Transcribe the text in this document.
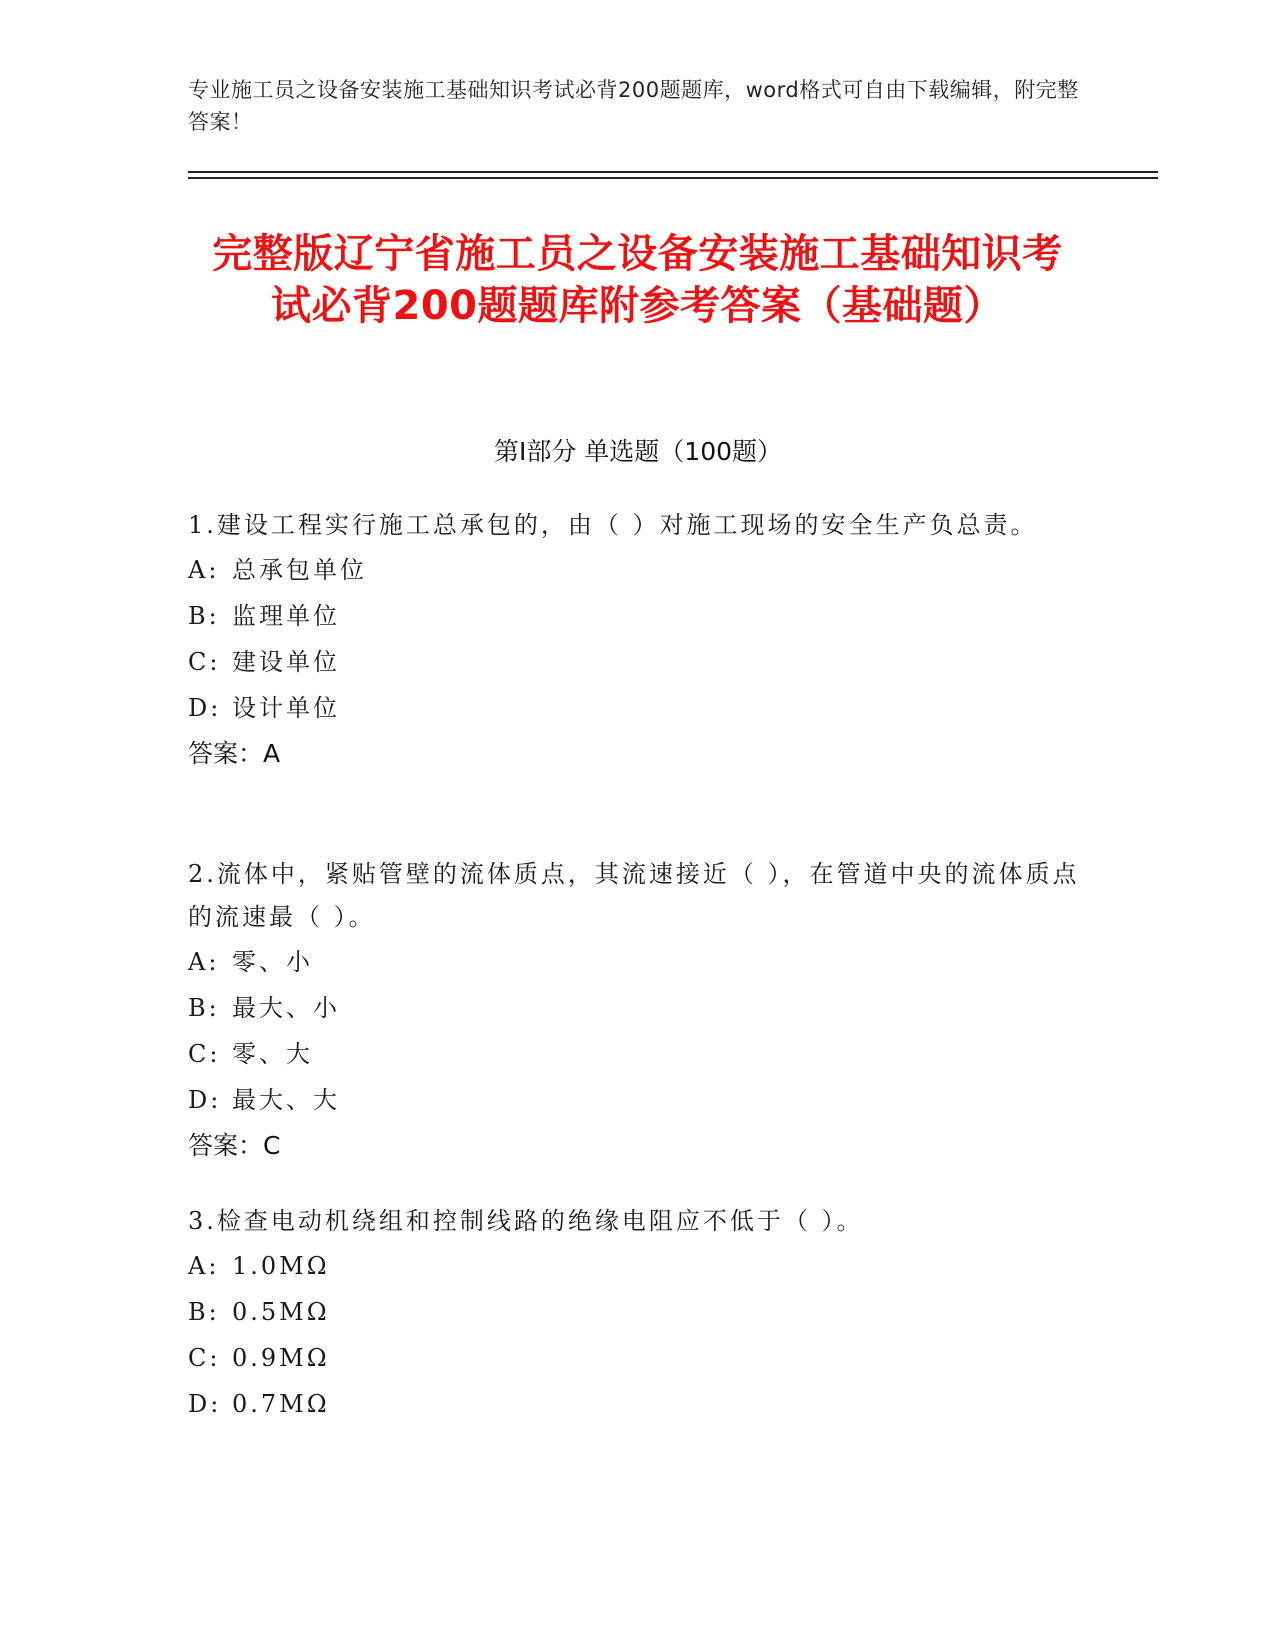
专业施工员之设备安装施工基础知识考试必背200题题库，word格式可自由下载编辑，附完整答案！
完整版辽宁省施工员之设备安装施工基础知识考试必背200题题库附参考答案（基础题）
第Ⅰ部分 单选题（100题）

1.建设工程实行施工总承包的，由（ ）对施工现场的安全生产负总责。

A: 总承包单位
B: 监理单位
C: 建设单位
D: 设计单位
答案：A

2.流体中，紧贴管壁的流体质点，其流速接近（ ），在管道中央的流体质点的流速最（ ）。

A: 零、小
B: 最大、小
C: 零、大
D: 最大、大
答案：C

3.检查电动机绕组和控制线路的绝缘电阻应不低于（ ）。

A: 1.0MΩ
B: 0.5MΩ
C: 0.9MΩ
D: 0.7MΩ
